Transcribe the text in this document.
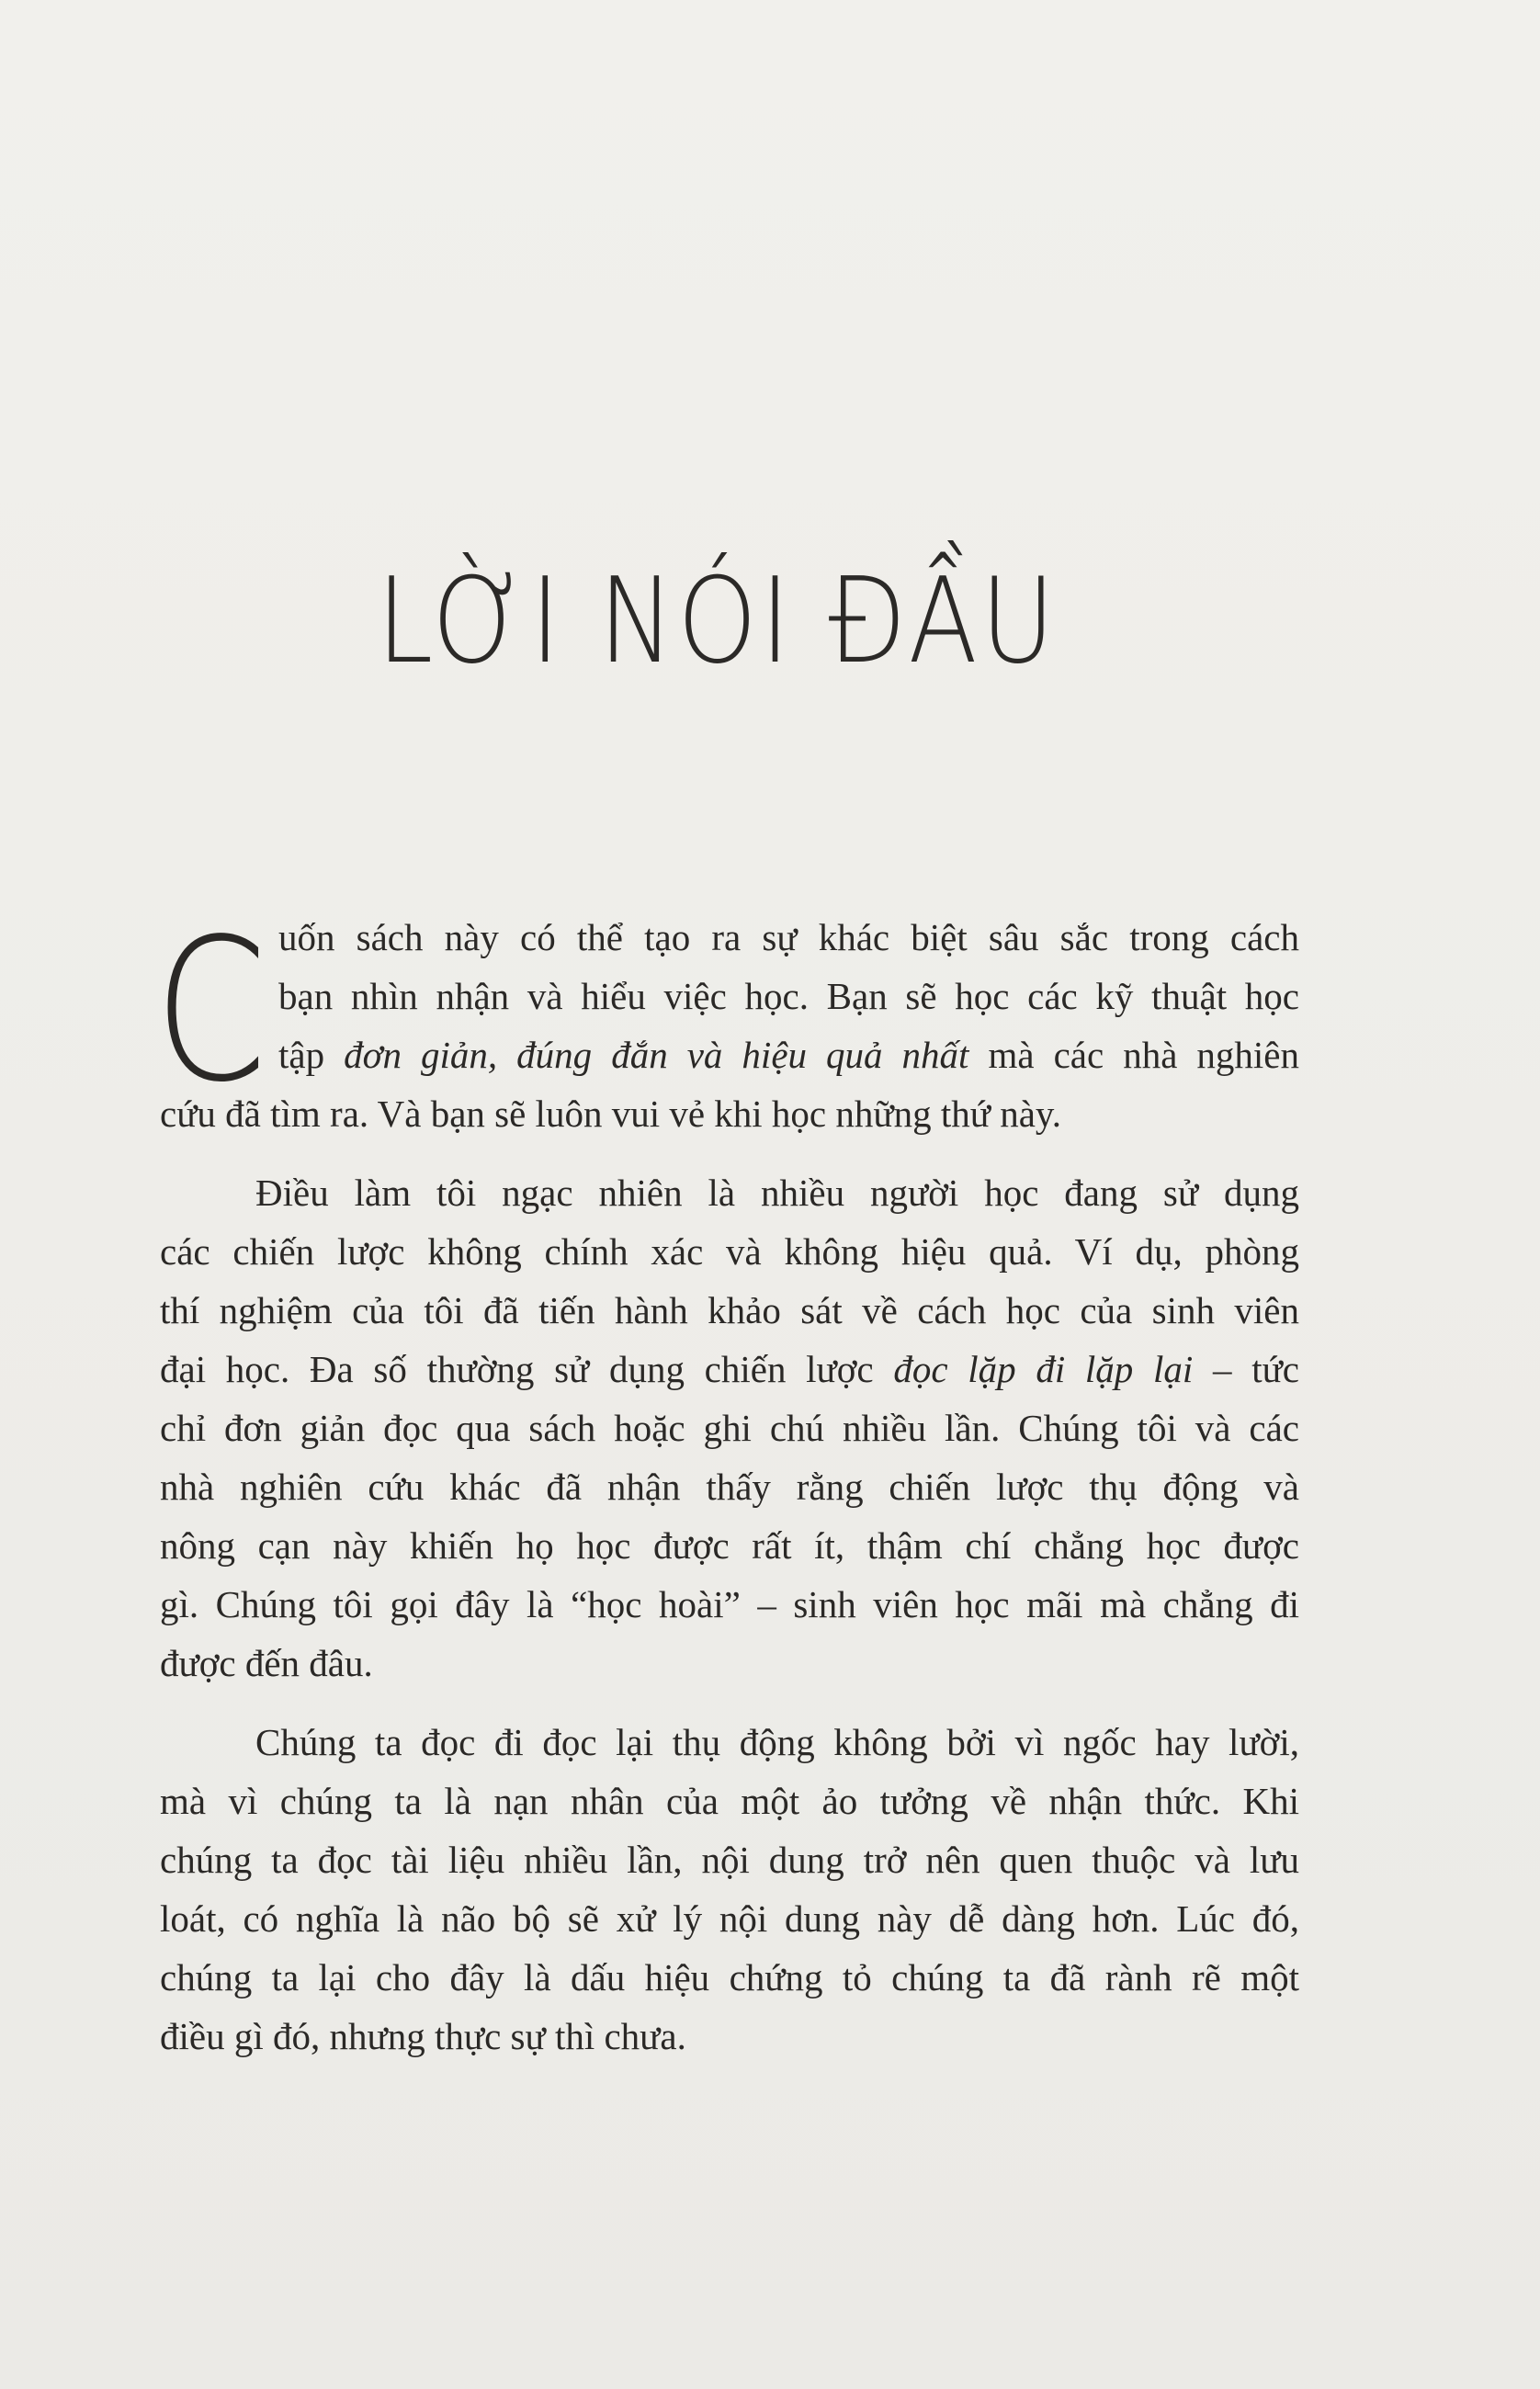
LỜI NÓI ĐẦU
C uốn sách này có thể tạo ra sự khác biệt sâu sắc trong cách
bạn nhìn nhận và hiểu việc học. Bạn sẽ học các kỹ thuật học
tập đơn giản, đúng đắn và hiệu quả nhất mà các nhà nghiên
cứu đã tìm ra. Và bạn sẽ luôn vui vẻ khi học những thứ này.
Điều làm tôi ngạc nhiên là nhiều người học đang sử dụng
các chiến lược không chính xác và không hiệu quả. Ví dụ, phòng
thí nghiệm của tôi đã tiến hành khảo sát về cách học của sinh viên
đại học. Đa số thường sử dụng chiến lược đọc lặp đi lặp lại – tức
chỉ đơn giản đọc qua sách hoặc ghi chú nhiều lần. Chúng tôi và các
nhà nghiên cứu khác đã nhận thấy rằng chiến lược thụ động và
nông cạn này khiến họ học được rất ít, thậm chí chẳng học được
gì. Chúng tôi gọi đây là “học hoài” – sinh viên học mãi mà chẳng đi
được đến đâu.
Chúng ta đọc đi đọc lại thụ động không bởi vì ngốc hay lười,
mà vì chúng ta là nạn nhân của một ảo tưởng về nhận thức. Khi
chúng ta đọc tài liệu nhiều lần, nội dung trở nên quen thuộc và lưu
loát, có nghĩa là não bộ sẽ xử lý nội dung này dễ dàng hơn. Lúc đó,
chúng ta lại cho đây là dấu hiệu chứng tỏ chúng ta đã rành rẽ một
điều gì đó, nhưng thực sự thì chưa.
